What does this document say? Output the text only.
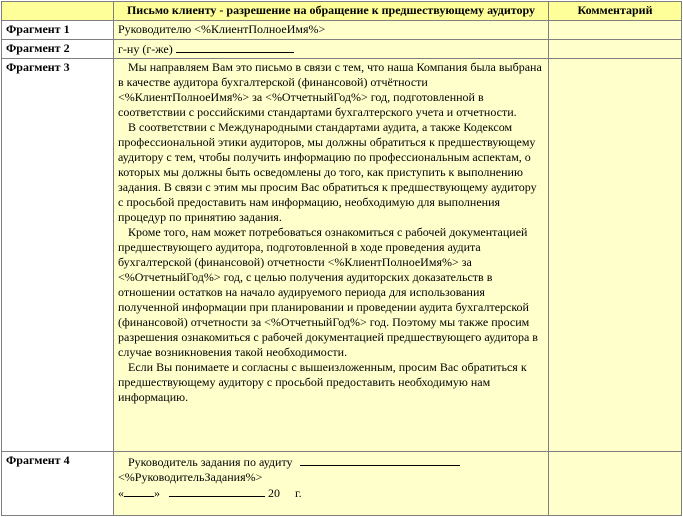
	Письмо клиенту - разрешение на обращение к предшествующему аудитору	Комментарий
Фрагмент 1	Руководителю <%КлиентПолноеИмя%>	
Фрагмент 2	г-ну (г-же)	
Фрагмент 3	Мы направляем Вам это письмо в связи с тем, что наша Компания была выбрана в качестве аудитора бухгалтерской (финансовой) отчётности <%КлиентПолноеИмя%> за <%ОтчетныйГод%> год, подготовленной в соответствии с российскими стандартами бухгалтерского учета и отчетности.

В соответствии с Международными стандартами аудита, а также Кодексом профессиональной этики аудиторов, мы должны обратиться к предшествующему аудитору с тем, чтобы получить информацию по профессиональным аспектам, о которых мы должны быть осведомлены до того, как приступить к выполнению задания. В связи с этим мы просим Вас обратиться к предшествующему аудитору с просьбой предоставить нам информацию, необходимую для выполнения процедур по принятию задания.

Кроме того, нам может потребоваться ознакомиться с рабочей документацией предшествующего аудитора, подготовленной в ходе проведения аудита бухгалтерской (финансовой) отчетности <%КлиентПолноеИмя%> за <%ОтчетныйГод%> год, с целью получения аудиторских доказательств в отношении остатков на начало аудируемого периода для использования полученной информации при планировании и проведении аудита бухгалтерской (финансовой) отчетности за <%ОтчетныйГод%> год. Поэтому мы также просим разрешения ознакомиться с рабочей документацией предшествующего аудитора в случае возникновения такой необходимости.

Если Вы понимаете и согласны с вышеизложенным, просим Вас обратиться к предшествующему аудитору с просьбой предоставить необходимую нам информацию.	

Фрагмент 4	Руководитель задания по аудиту

<%РуководительЗадания%>

« » 20 г.	
